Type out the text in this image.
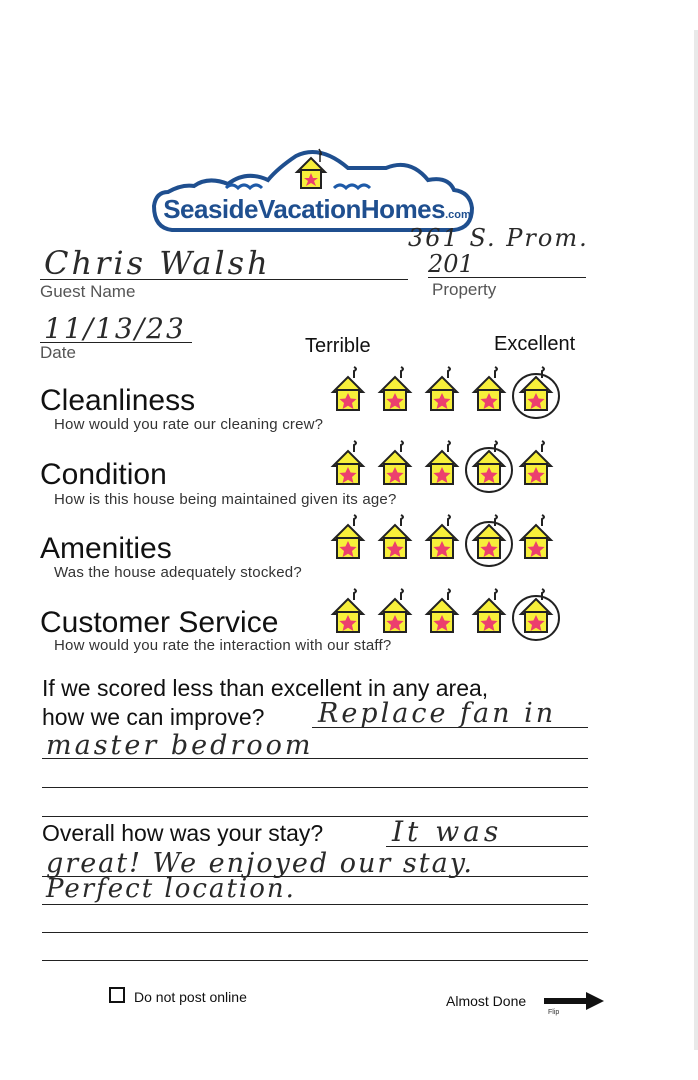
SeasideVacationHomes.com
Chris Walsh
Guest Name
361 S. Prom.
201
Property
11/13/23
Date	Terrible	Excellent
Cleanliness
How would you rate our cleaning crew?
Condition
How is this house being maintained given its age?
Amenities
Was the house adequately stocked?
Customer Service
How would you rate the interaction with our staff?
If we scored less than excellent in any area,
how we can improve? Replace fan in
master bedroom
Overall how was your stay? It was
great! We enjoyed our stay.
Perfect location.
Do not post online	Almost Done
Flip
